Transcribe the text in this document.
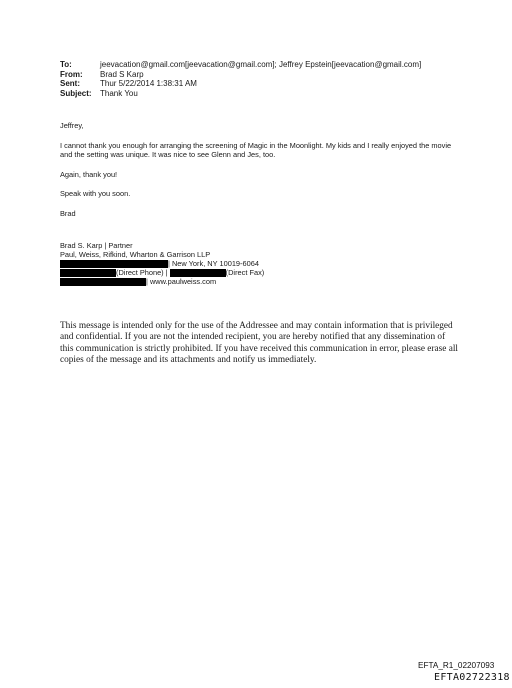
To:	jeevacation@gmail.com[jeevacation@gmail.com]; Jeffrey Epstein[jeevacation@gmail.com]
From:	Brad S Karp
Sent:	Thur 5/22/2014 1:38:31 AM
Subject:	Thank You

Jeffrey,

I cannot thank you enough for arranging the screening of Magic in the Moonlight. My kids and I really enjoyed the movie and the setting was unique. It was nice to see Glenn and Jes, too.

Again, thank you!

Speak with you soon.

Brad

Brad S. Karp | Partner
Paul, Weiss, Rifkind, Wharton & Garrison LLP
| New York, NY 10019-6064
(Direct Phone) |	(Direct Fax)
| www.paulweiss.com
This message is intended only for the use of the Addressee and may contain information that is privileged and confidential. If you are not the intended recipient, you are hereby notified that any dissemination of this communication is strictly prohibited. If you have received this communication in error, please erase all copies of the message and its attachments and notify us immediately.
EFTA_R1_02207093
EFTA02722318
